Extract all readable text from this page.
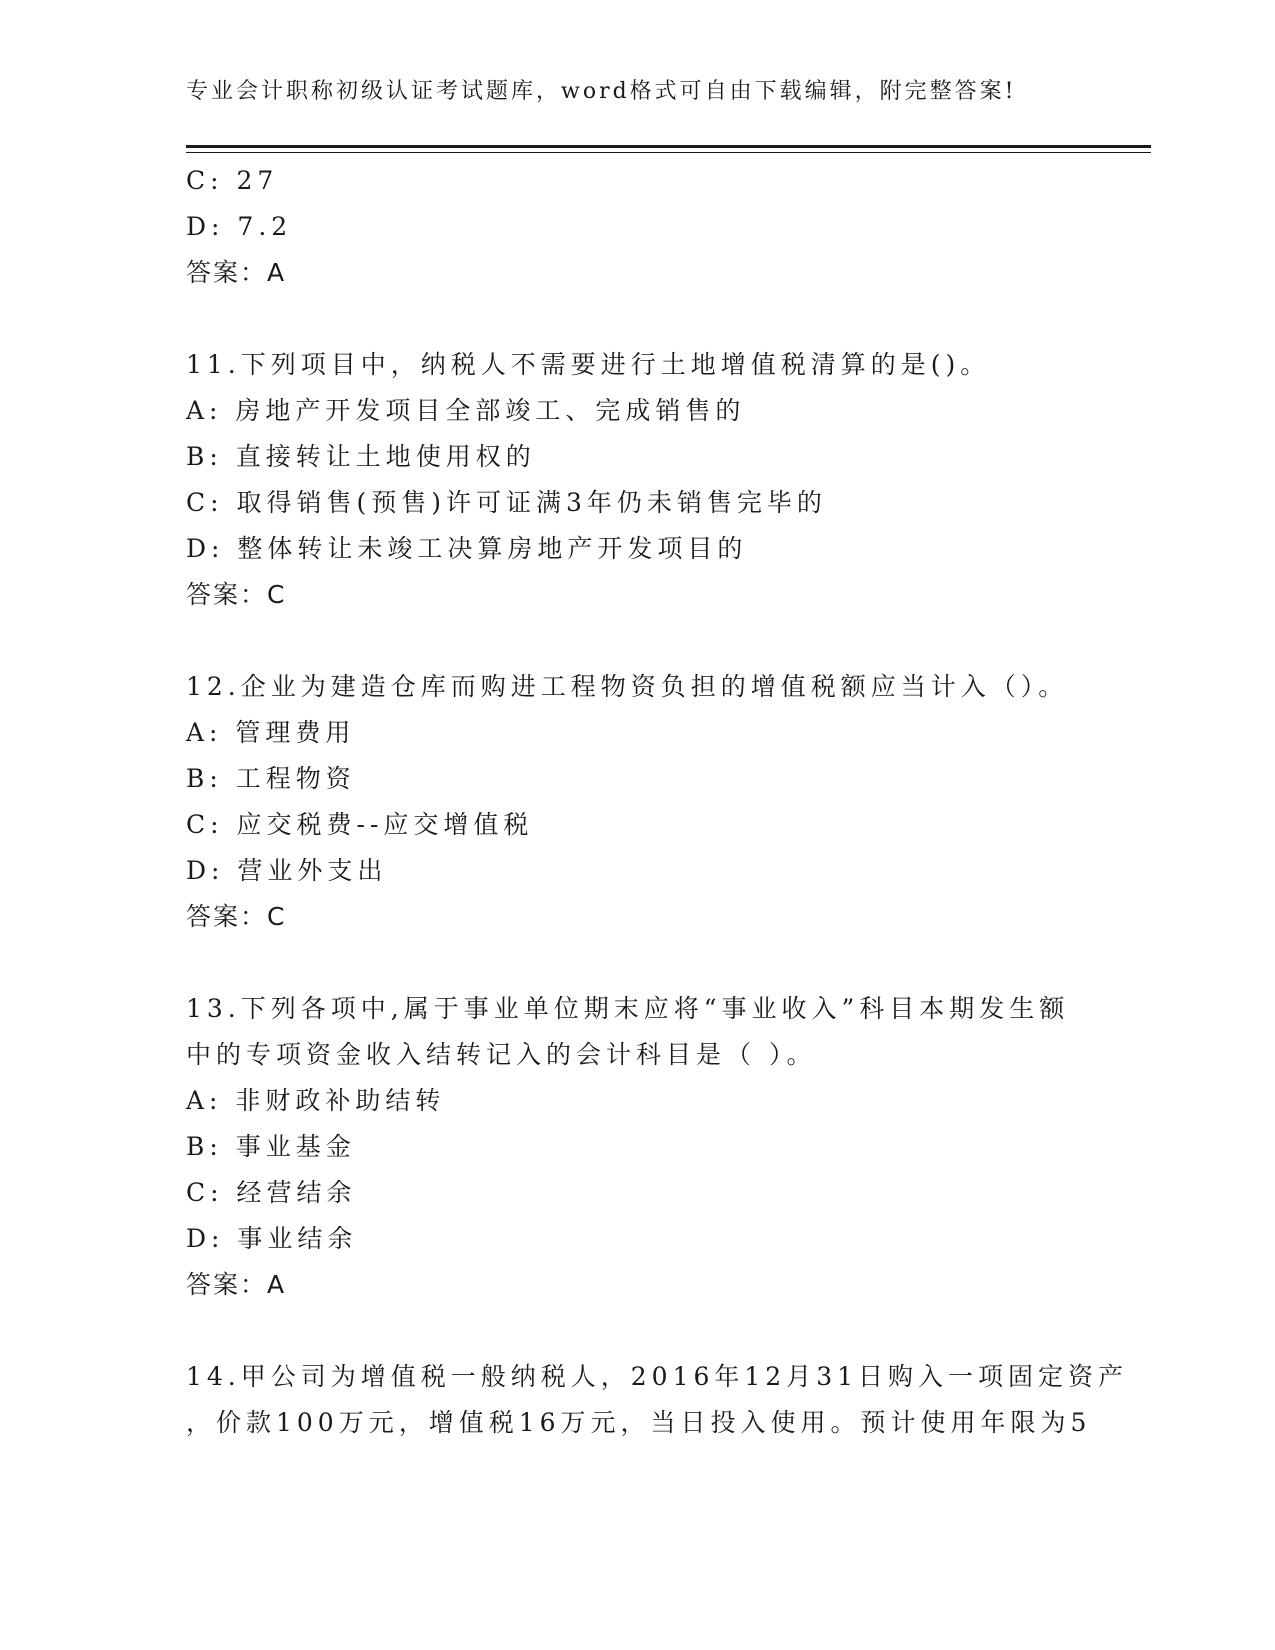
专业会计职称初级认证考试题库，word格式可自由下载编辑，附完整答案!
C: 27
D: 7.2
答案：A
11.下列项目中，纳税人不需要进行土地增值税清算的是()。
A: 房地产开发项目全部竣工、完成销售的
B: 直接转让土地使用权的
C: 取得销售(预售)许可证满3年仍未销售完毕的
D: 整体转让未竣工决算房地产开发项目的
答案：C
12.企业为建造仓库而购进工程物资负担的增值税额应当计入（）。
A: 管理费用
B: 工程物资
C: 应交税费--应交增值税
D: 营业外支出
答案：C
13.下列各项中,属于事业单位期末应将“事业收入”科目本期发生额
中的专项资金收入结转记入的会计科目是（ ）。
A: 非财政补助结转
B: 事业基金
C: 经营结余
D: 事业结余
答案：A
14.甲公司为增值税一般纳税人，2016年12月31日购入一项固定资产
，价款100万元，增值税16万元，当日投入使用。预计使用年限为5
